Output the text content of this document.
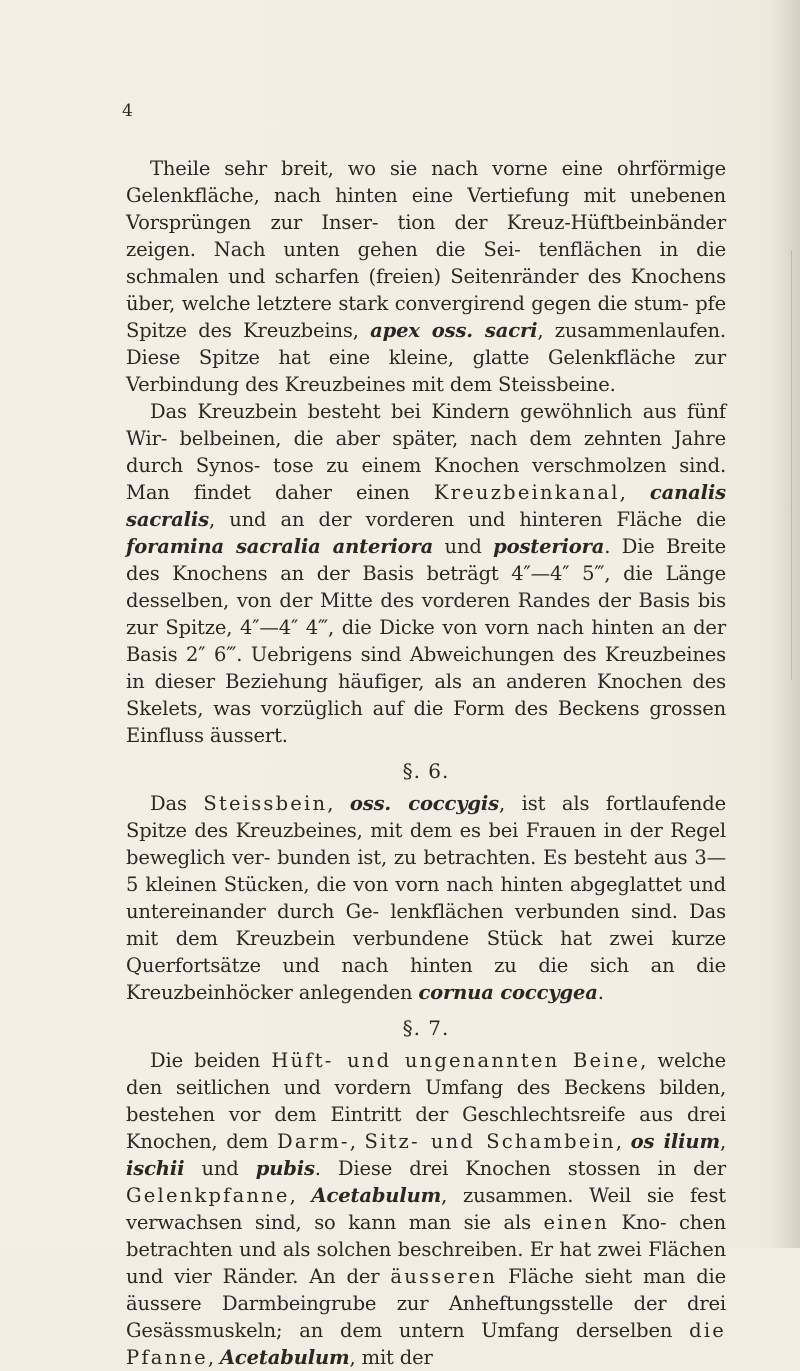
4

Theile sehr breit, wo sie nach vorne eine ohrförmige Gelenkfläche, nach hinten eine Vertiefung mit unebenen Vorsprüngen zur Inser- tion der Kreuz-Hüftbeinbänder zeigen. Nach unten gehen die Sei- tenflächen in die schmalen und scharfen (freien) Seitenränder des Knochens über, welche letztere stark convergirend gegen die stum- pfe Spitze des Kreuzbeins, apex oss. sacri, zusammenlaufen. Diese Spitze hat eine kleine, glatte Gelenkfläche zur Verbindung des Kreuzbeines mit dem Steissbeine.

Das Kreuzbein besteht bei Kindern gewöhnlich aus fünf Wir- belbeinen, die aber später, nach dem zehnten Jahre durch Synos- tose zu einem Knochen verschmolzen sind. Man findet daher einen Kreuzbeinkanal, canalis sacralis, und an der vorderen und hinteren Fläche die foramina sacralia anteriora und posteriora. Die Breite des Knochens an der Basis beträgt 4″—4″ 5‴, die Länge desselben, von der Mitte des vorderen Randes der Basis bis zur Spitze, 4″—4″ 4‴, die Dicke von vorn nach hinten an der Basis 2″ 6‴. Uebrigens sind Abweichungen des Kreuzbeines in dieser Beziehung häufiger, als an anderen Knochen des Skelets, was vorzüglich auf die Form des Beckens grossen Einfluss äussert.

§. 6.

Das Steissbein, oss. coccygis, ist als fortlaufende Spitze des Kreuzbeines, mit dem es bei Frauen in der Regel beweglich ver- bunden ist, zu betrachten. Es besteht aus 3—5 kleinen Stücken, die von vorn nach hinten abgeglattet und untereinander durch Ge- lenkflächen verbunden sind. Das mit dem Kreuzbein verbundene Stück hat zwei kurze Querfortsätze und nach hinten zu die sich an die Kreuzbeinhöcker anlegenden cornua coccygea.

§. 7.

Die beiden Hüft- und ungenannten Beine, welche den seitlichen und vordern Umfang des Beckens bilden, bestehen vor dem Eintritt der Geschlechtsreife aus drei Knochen, dem Darm-, Sitz- und Schambein, os ilium, ischii und pubis. Diese drei Knochen stossen in der Gelenkpfanne, Acetabulum, zusammen. Weil sie fest verwachsen sind, so kann man sie als einen Kno- chen betrachten und als solchen beschreiben. Er hat zwei Flächen und vier Ränder. An der äusseren Fläche sieht man die äussere Darmbeingrube zur Anheftungsstelle der drei Gesässmuskeln; an dem untern Umfang derselben die Pfanne, Acetabulum, mit der
